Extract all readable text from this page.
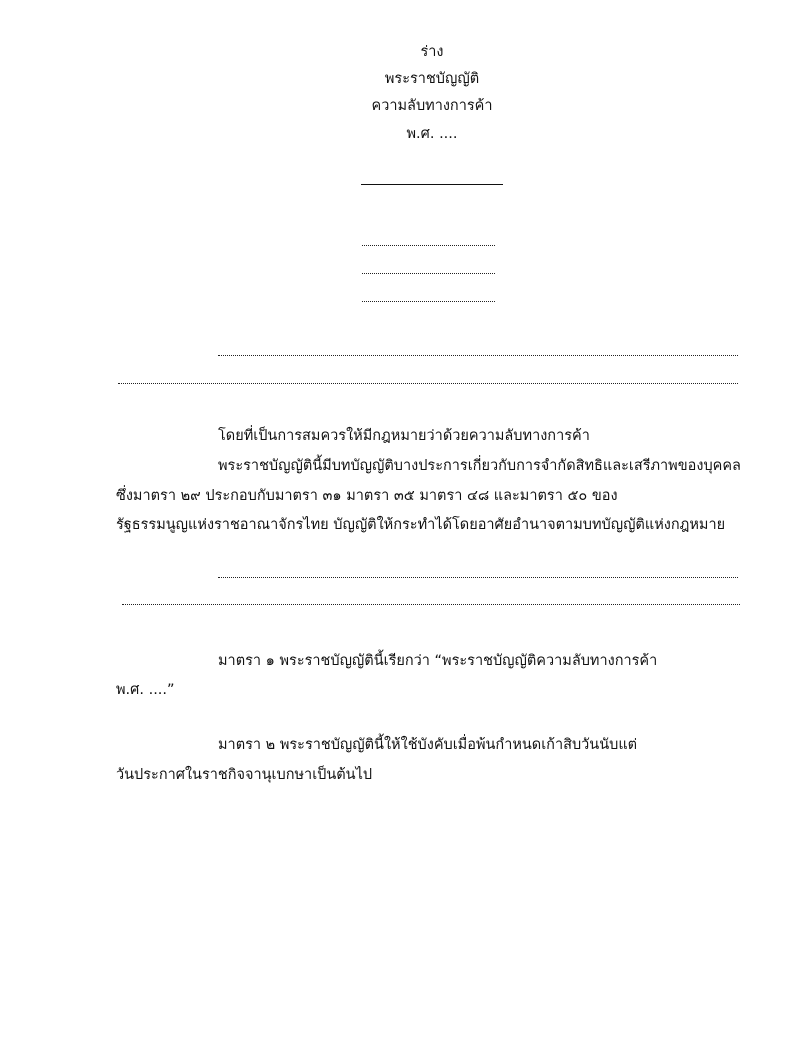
ร่าง
พระราชบัญญัติ
ความลับทางการค้า
พ.ศ. ....
โดยที่เป็นการสมควรให้มีกฎหมายว่าด้วยความลับทางการค้า
พระราชบัญญัตินี้มีบทบัญญัติบางประการเกี่ยวกับการจำกัดสิทธิและเสรีภาพของบุคคล
ซึ่งมาตรา ๒๙ ประกอบกับมาตรา ๓๑ มาตรา ๓๕ มาตรา ๔๘ และมาตรา ๕๐ ของ
รัฐธรรมนูญแห่งราชอาณาจักรไทย บัญญัติให้กระทำได้โดยอาศัยอำนาจตามบทบัญญัติแห่งกฎหมาย
มาตรา ๑ พระราชบัญญัตินี้เรียกว่า “พระราชบัญญัติความลับทางการค้า
พ.ศ. ....”
มาตรา ๒ พระราชบัญญัตินี้ให้ใช้บังคับเมื่อพ้นกำหนดเก้าสิบวันนับแต่
วันประกาศในราชกิจจานุเบกษาเป็นต้นไป
